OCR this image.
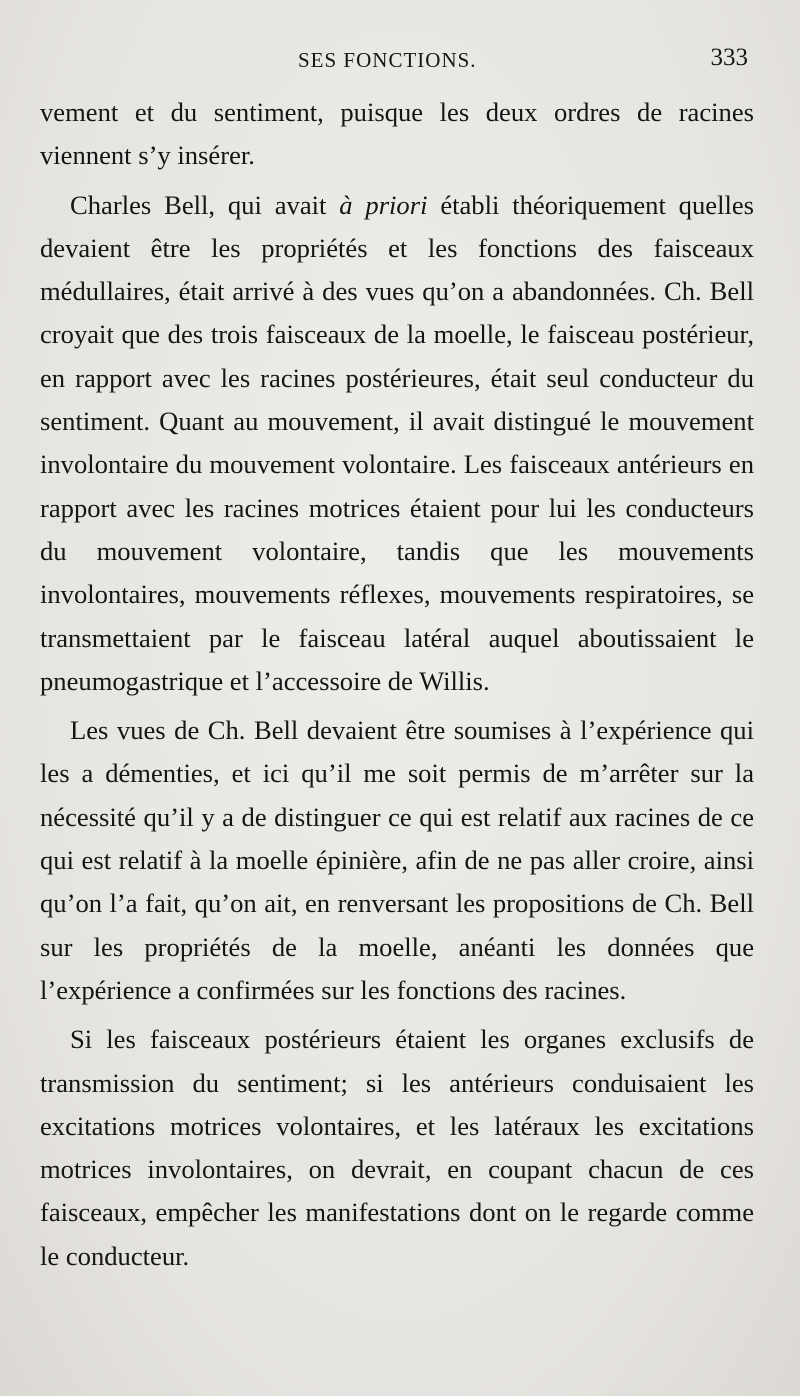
SES FONCTIONS.	333

vement et du sentiment, puisque les deux ordres de racines viennent s’y insérer.

Charles Bell, qui avait à priori établi théoriquement quelles devaient être les propriétés et les fonctions des faisceaux médullaires, était arrivé à des vues qu’on a abandonnées. Ch. Bell croyait que des trois faisceaux de la moelle, le faisceau postérieur, en rapport avec les racines postérieures, était seul conducteur du sentiment. Quant au mouvement, il avait distingué le mouvement involontaire du mouvement volontaire. Les faisceaux antérieurs en rapport avec les racines motrices étaient pour lui les conducteurs du mouvement volontaire, tandis que les mouvements involontaires, mouvements réflexes, mouvements respiratoires, se transmettaient par le faisceau latéral auquel aboutissaient le pneumogastrique et l’accessoire de Willis.

Les vues de Ch. Bell devaient être soumises à l’expérience qui les a démenties, et ici qu’il me soit permis de m’arrêter sur la nécessité qu’il y a de distinguer ce qui est relatif aux racines de ce qui est relatif à la moelle épinière, afin de ne pas aller croire, ainsi qu’on l’a fait, qu’on ait, en renversant les propositions de Ch. Bell sur les propriétés de la moelle, anéanti les données que l’expérience a confirmées sur les fonctions des racines.

Si les faisceaux postérieurs étaient les organes exclusifs de transmission du sentiment; si les antérieurs conduisaient les excitations motrices volontaires, et les latéraux les excitations motrices involontaires, on devrait, en coupant chacun de ces faisceaux, empêcher les manifestations dont on le regarde comme le conducteur.
